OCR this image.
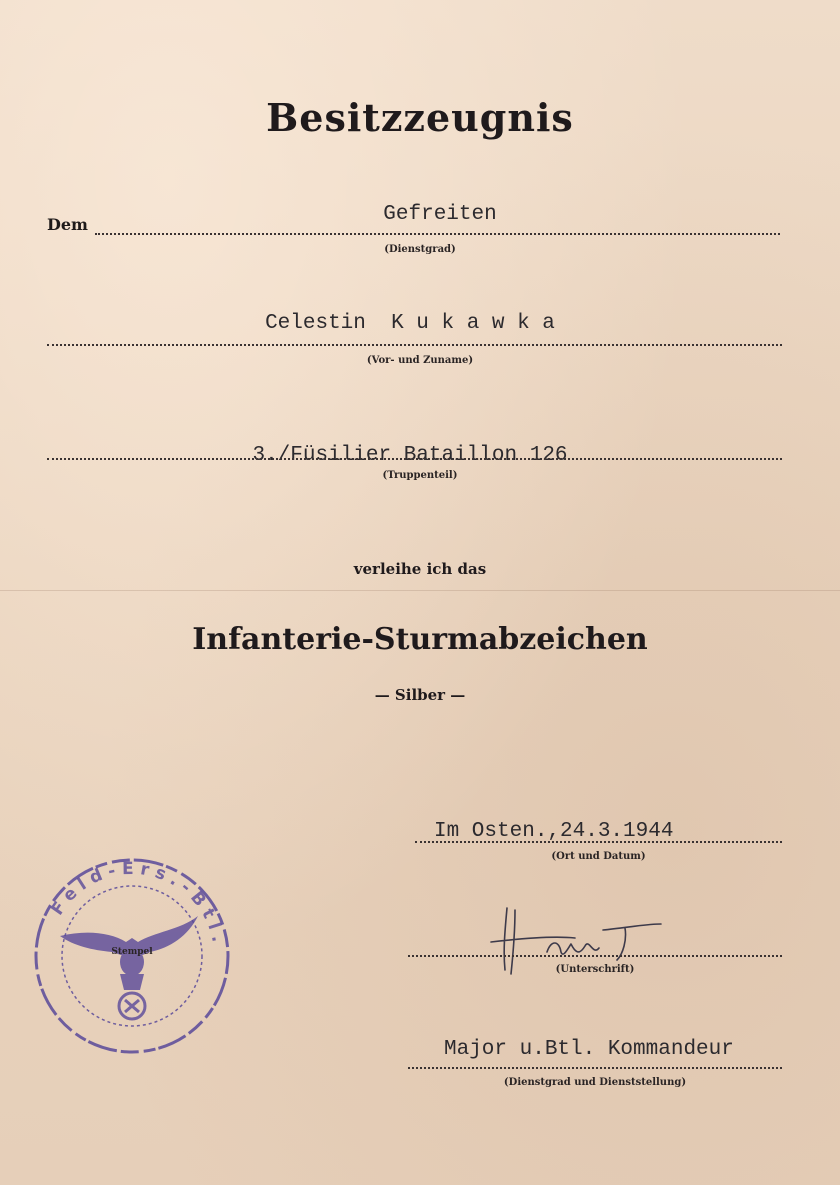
Besitzzeugnis
Dem	Gefreiten
(Dienstgrad)
Celestin  K u k a w k a
(Vor- und Zuname)
3./Füsilier Bataillon 126
(Truppenteil)
verleihe ich das
Infanterie-Sturmabzeichen
— Silber —
Im Osten.,24.3.1944
(Ort und Datum)
(Unterschrift)
Major u.Btl. Kommandeur
(Dienstgrad und Dienststellung)
Feld-Ers.-Btl.
Stempel
